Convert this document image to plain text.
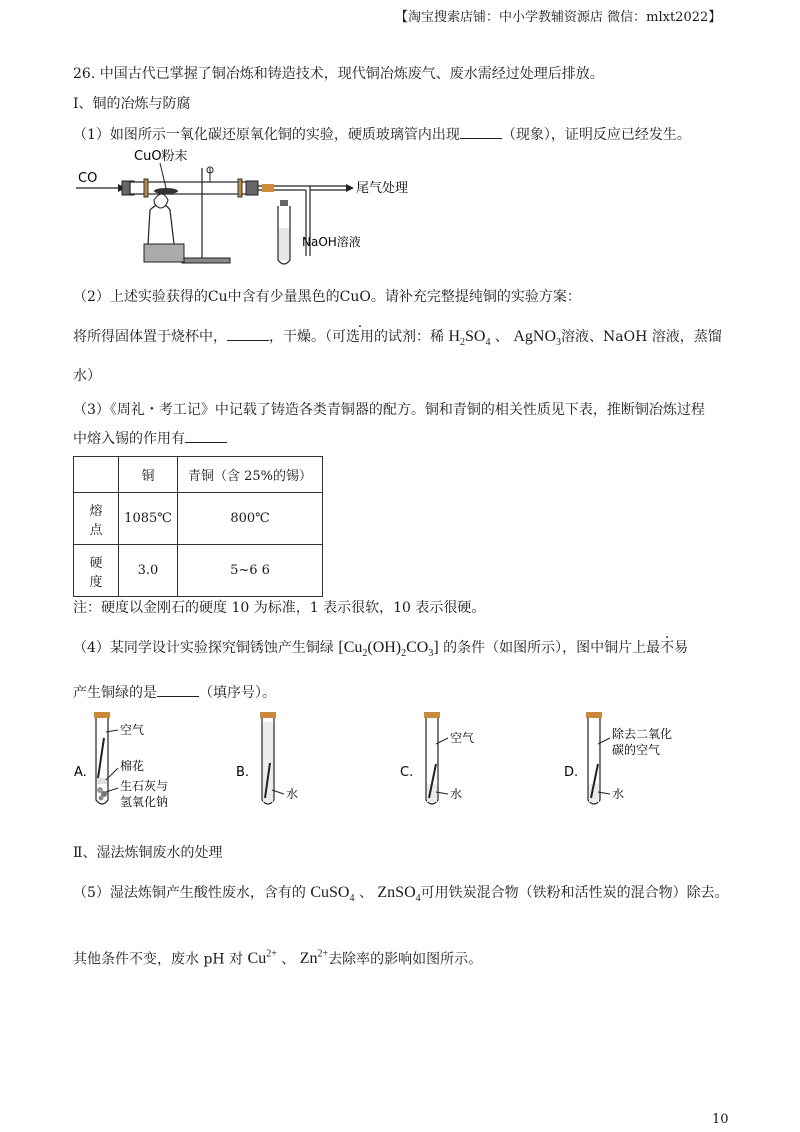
【淘宝搜索店铺：中小学教辅资源店 微信：mlxt2022】
26. 中国古代已掌握了铜冶炼和铸造技术，现代铜冶炼废气、废水需经过处理后排放。
Ⅰ、铜的冶炼与防腐
（1）如图所示一氧化碳还原氧化铜的实验，硬质玻璃管内出现	（现象），证明反应已经发生。
CO
CuO粉末
尾气处理
NaOH溶液
（2）上述实验获得的Cu中含有少量黑色的CuO。请补充完整提纯铜的实验方案：
将所得固体置于烧杯中，	，干燥。（可选用的试剂：稀 $H_2SO_4$ 、 AgNO$_3$溶液、NaOH 溶液，蒸馏
水）
（3）《周礼・考工记》中记载了铸造各类青铜器的配方。铜和青铜的相关性质见下表，推断铜冶炼过程
中熔入锡的作用有
	铜	青铜（含 25%的锡）
熔
点	1085℃	800℃
硬
度	3.0	5~6 6
注：硬度以金刚石的硬度 10 为标准，1 表示很软，10 表示很硬。
（4）某同学设计实验探究铜锈蚀产生铜绿 $[Cu_2(OH)_2CO_3]$ 的条件（如图所示），图中铜片上最不易
产生铜绿的是	（填序号）。
A.
空气
棉花
生石灰与
氢氧化钠
B.
水
C.
空气
水
D.
除去二氧化
碳的空气
水
Ⅱ、湿法炼铜废水的处理
（5）湿法炼铜产生酸性废水，含有的 CuSO$_4$ 、 ZnSO$_4$可用铁炭混合物（铁粉和活性炭的混合物）除去。
其他条件不变，废水 pH 对 $Cu^{2+}$ 、 $Zn^{2+}$去除率的影响如图所示。
10
